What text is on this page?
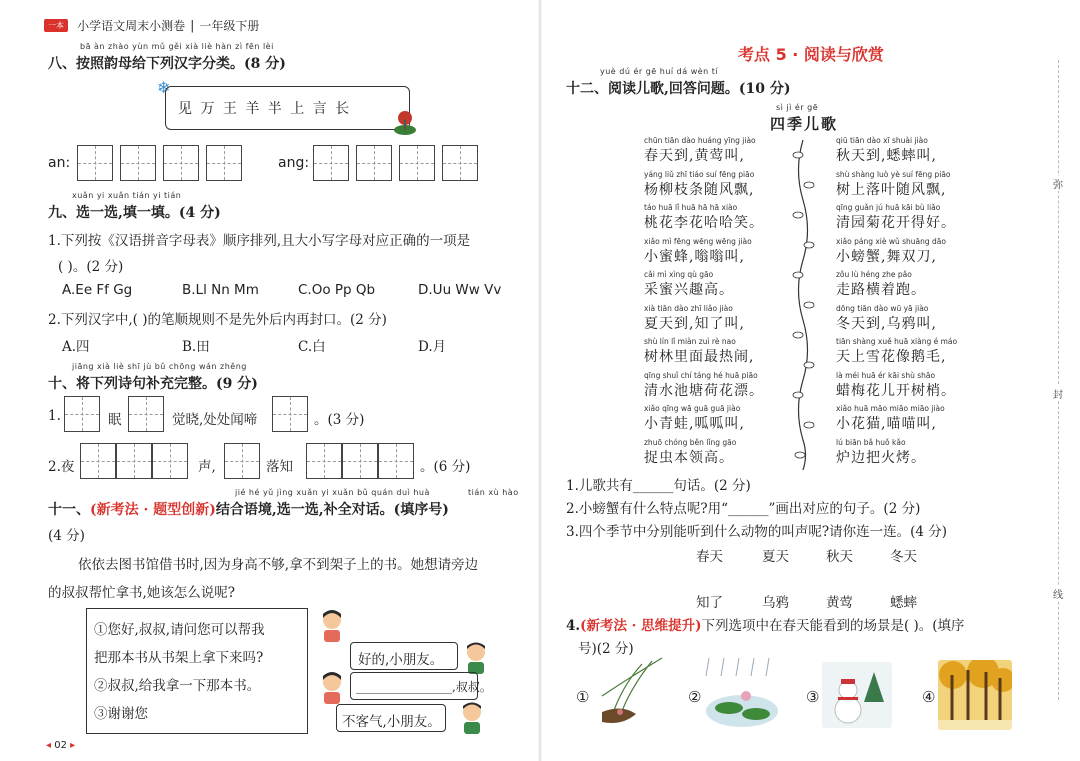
一本 小学语文周末小测卷 | 一年级下册
bā àn zhào yùn mǔ gěi xià liè hàn zì fēn lèi
八、按照韵母给下列汉字分类。(8 分)
❄
见 万 王 羊 半 上 言 长
an:	ang:
xuǎn yi xuǎn tián yi tián
九、选一选,填一填。(4 分)
1.下列按《汉语拼音字母表》顺序排列,且大小写字母对应正确的一项是
( )。(2 分)
A.Ee Ff Gg	B.Ll Nn Mm	C.Oo Pp Qb	D.Uu Ww Vv
2.下列汉字中,( )的笔顺规则不是先外后内再封口。(2 分)
A.四	B.田	C.白	D.月
jiāng xià liè shī jù bǔ chōng wán zhěng
十、将下列诗句补充完整。(9 分)
1.	眠	觉晓,处处闻啼	。(3 分)
2.夜	声,	落知	。(6 分)
jié hé yǔ jìng xuǎn yi xuǎn bǔ quán duì huà	tián xù hào
十一、(新考法 · 题型创新)结合语境,选一选,补全对话。(填序号)
(4 分)
依依去图书馆借书时,因为身高不够,拿不到架子上的书。她想请旁边
的叔叔帮忙拿书,她该怎么说呢?
①您好,叔叔,请问您可以帮我
把那本书从书架上拿下来吗?
②叔叔,给我拿一下那本书。
③谢谢您
好的,小朋友。
________________,叔叔。
不客气,小朋友。
◂ 02 ▸
考点 5 · 阅读与欣赏
yuè dú ér gē huí dá wèn tí
十二、阅读儿歌,回答问题。(10 分)
sì jì ér gē
四季儿歌
chūn tiān dào huáng yīng jiào
春天到,黄莺叫,
yáng liǔ zhī tiáo suí fēng piāo
杨柳枝条随风飘,
táo huā lǐ huā hā hā xiào
桃花李花哈哈笑。
xiǎo mì fēng wēng wēng jiào
小蜜蜂,嗡嗡叫,
cǎi mì xìng qù gāo
采蜜兴趣高。
xià tiān dào zhī liǎo jiào
夏天到,知了叫,
shù lín lǐ miàn zuì rè nao
树林里面最热闹,
qīng shuǐ chí táng hé huā piāo
清水池塘荷花漂。
xiǎo qīng wā guā guā jiào
小青蛙,呱呱叫,
zhuō chóng běn lǐng gāo
捉虫本领高。
qiū tiān dào xī shuài jiào
秋天到,蟋蟀叫,
shù shàng luò yè suí fēng piāo
树上落叶随风飘,
qīng guǎn jú huā kāi bù liǎo
清园菊花开得好。
xiǎo páng xiè wǔ shuāng dāo
小螃蟹,舞双刀,
zǒu lù héng zhe pǎo
走路横着跑。
dōng tiān dào wū yā jiào
冬天到,乌鸦叫,
tiān shàng xuě huā xiàng é máo
天上雪花像鹅毛,
là méi huā ér kāi shù shāo
蜡梅花儿开树梢。
xiǎo huā māo miāo miāo jiào
小花猫,喵喵叫,
lú biān bǎ huǒ kǎo
炉边把火烤。
1.儿歌共有______句话。(2 分)
2.小螃蟹有什么特点呢?用“______”画出对应的句子。(2 分)
3.四个季节中分别能听到什么动物的叫声呢?请你连一连。(4 分)
春天	夏天	秋天	冬天
知了	乌鸦	黄莺	蟋蟀
4.(新考法 · 思维提升)下列选项中在春天能看到的场景是( )。(填序
号)(2 分)
①	②	③	④
弥
封
线
